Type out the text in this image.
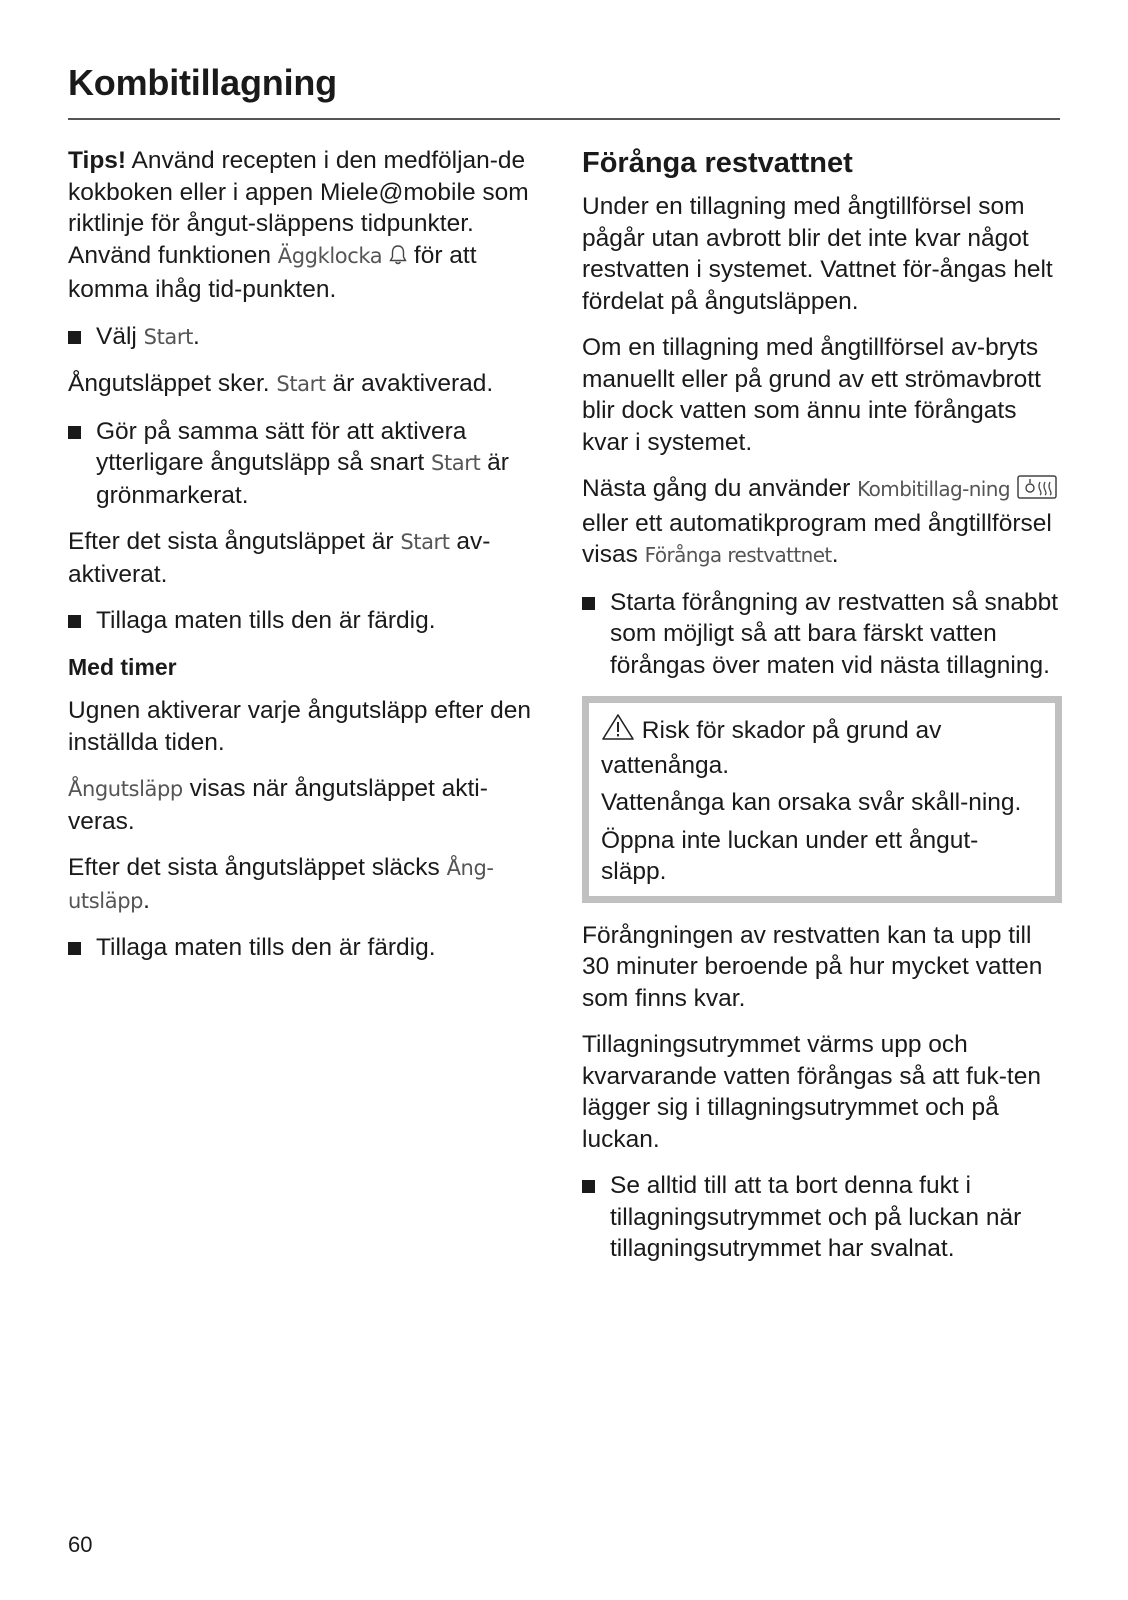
Kombitillagning

Tips! Använd recepten i den medföljan-de kokboken eller i appen Miele@mobile som riktlinje för ångut-släppens tidpunkter. Använd funktionen Äggklocka  för att komma ihåg tid-punkten.

Välj Start.

Ångutsläppet sker. Start är avaktiverad.

Gör på samma sätt för att aktivera ytterligare ångutsläpp så snart Start är grönmarkerat.

Efter det sista ångutsläppet är Start av-aktiverat.

Tillaga maten tills den är färdig.
Med timer

Ugnen aktiverar varje ångutsläpp efter den inställda tiden.

Ångutsläpp visas när ångutsläppet akti-veras.

Efter det sista ångutsläppet släcks Ång-utsläpp.

Tillaga maten tills den är färdig.
Förånga restvattnet

Under en tillagning med ångtillförsel som pågår utan avbrott blir det inte kvar något restvatten i systemet. Vattnet för-ångas helt fördelat på ångutsläppen.

Om en tillagning med ångtillförsel av-bryts manuellt eller på grund av ett strömavbrott blir dock vatten som ännu inte förångats kvar i systemet.

Nästa gång du använder Kombitillag-ning  eller ett automatikprogram med ångtillförsel visas Förånga restvattnet.

Starta förångning av restvatten så snabbt som möjligt så att bara färskt vatten förångas över maten vid nästa tillagning.

Risk för skador på grund av vattenånga.

Vattenånga kan orsaka svår skåll-ning.

Öppna inte luckan under ett ångut-släpp.

Förångningen av restvatten kan ta upp till 30 minuter beroende på hur mycket vatten som finns kvar.

Tillagningsutrymmet värms upp och kvarvarande vatten förångas så att fuk-ten lägger sig i tillagningsutrymmet och på luckan.

Se alltid till att ta bort denna fukt i tillagningsutrymmet och på luckan när tillagningsutrymmet har svalnat.
60
